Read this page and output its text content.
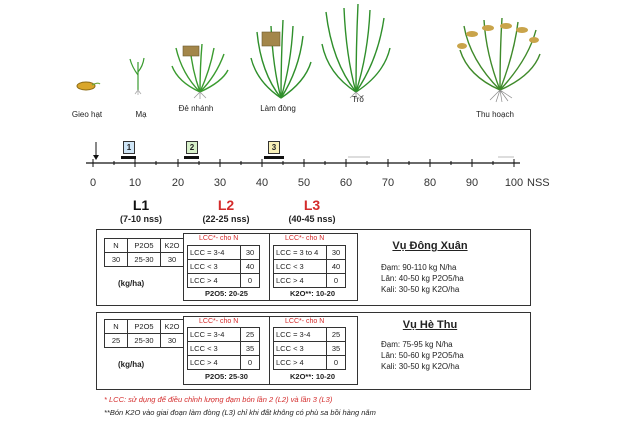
Gieo hạt	Mạ
Đẻ nhánh	Làm đòng
Trổ
Thu hoạch
1	2	3
0	10	20	30	40	50	60	70	80	90	100 NSS
L1
(7-10 nss)
L2
(22-25 nss)
L3
(40-45 nss)
N	P2O5	K2O
30	25-30	30
(kg/ha)
LCC*- cho N
LCC = 3-4	30
LCC < 3	40
LCC > 4	0
P2O5: 20-25
LCC*- cho N
LCC = 3 to 4	30
LCC < 3	40
LCC > 4	0
K2O**: 10-20
Vụ Đông Xuân
Đạm: 90-110 kg N/ha
Lân: 40-50 kg P2O5/ha
Kali: 30-50 kg K2O/ha
N	P2O5	K2O
25	25-30	30
(kg/ha)
LCC*- cho N
LCC = 3-4	25
LCC < 3	35
LCC > 4	0
P2O5: 25-30
LCC*- cho N
LCC = 3-4	25
LCC < 3	35
LCC > 4	0
K2O**: 10-20
Vụ Hè Thu
Đạm: 75-95 kg N/ha
Lân: 50-60 kg P2O5/ha
Kali: 30-50 kg K2O/ha
* LCC: sử dụng để điều chỉnh lượng đạm bón lần 2 (L2) và lần 3 (L3)
**Bón K2O vào giai đoạn làm đòng (L3) chỉ khi đất không có phù sa bồi hàng năm
